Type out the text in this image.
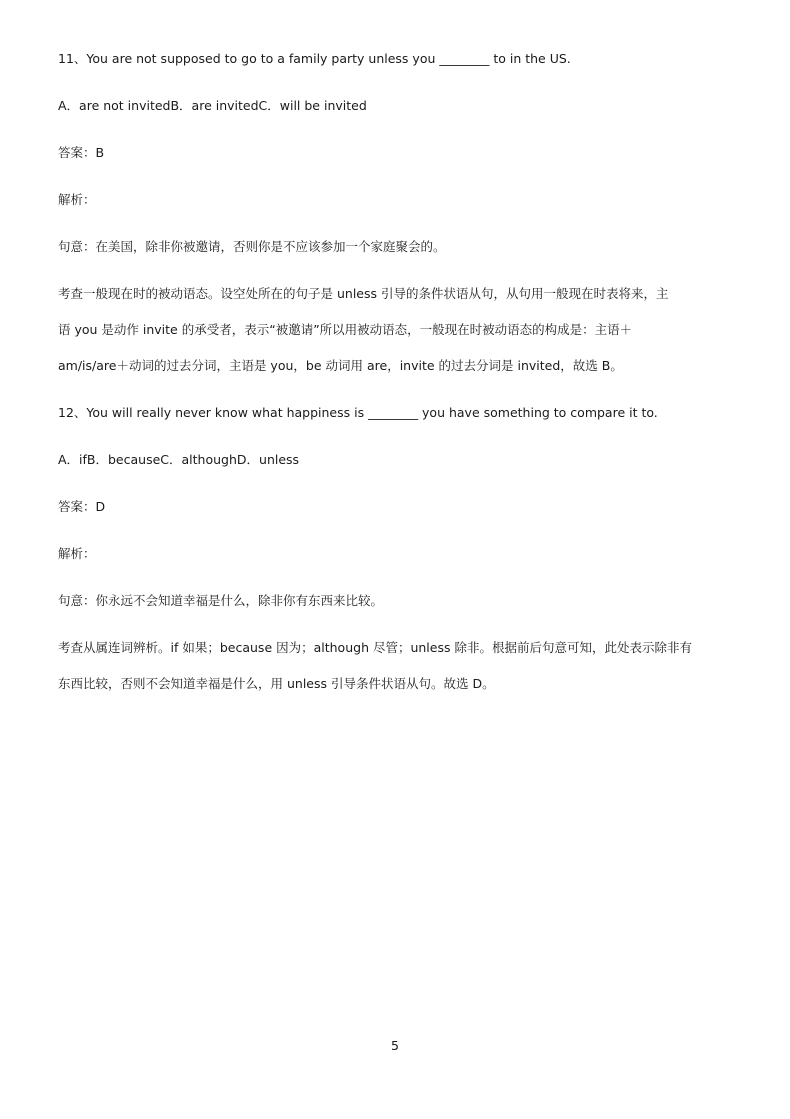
11、You are not supposed to go to a family party unless you ________ to in the US.
A．are not invitedB．are invitedC．will be invited
答案：B
解析：
句意：在美国，除非你被邀请，否则你是不应该参加一个家庭聚会的。
考查一般现在时的被动语态。设空处所在的句子是 unless 引导的条件状语从句，从句用一般现在时表将来，主
语 you 是动作 invite 的承受者，表示“被邀请”所以用被动语态，一般现在时被动语态的构成是：主语＋
am/is/are＋动词的过去分词，主语是 you，be 动词用 are，invite 的过去分词是 invited，故选 B。
12、You will really never know what happiness is ________ you have something to compare it to.
A．ifB．becauseC．althoughD．unless
答案：D
解析：
句意：你永远不会知道幸福是什么，除非你有东西来比较。
考查从属连词辨析。if 如果；because 因为；although 尽管；unless 除非。根据前后句意可知，此处表示除非有
东西比较，否则不会知道幸福是什么，用 unless 引导条件状语从句。故选 D。
5
